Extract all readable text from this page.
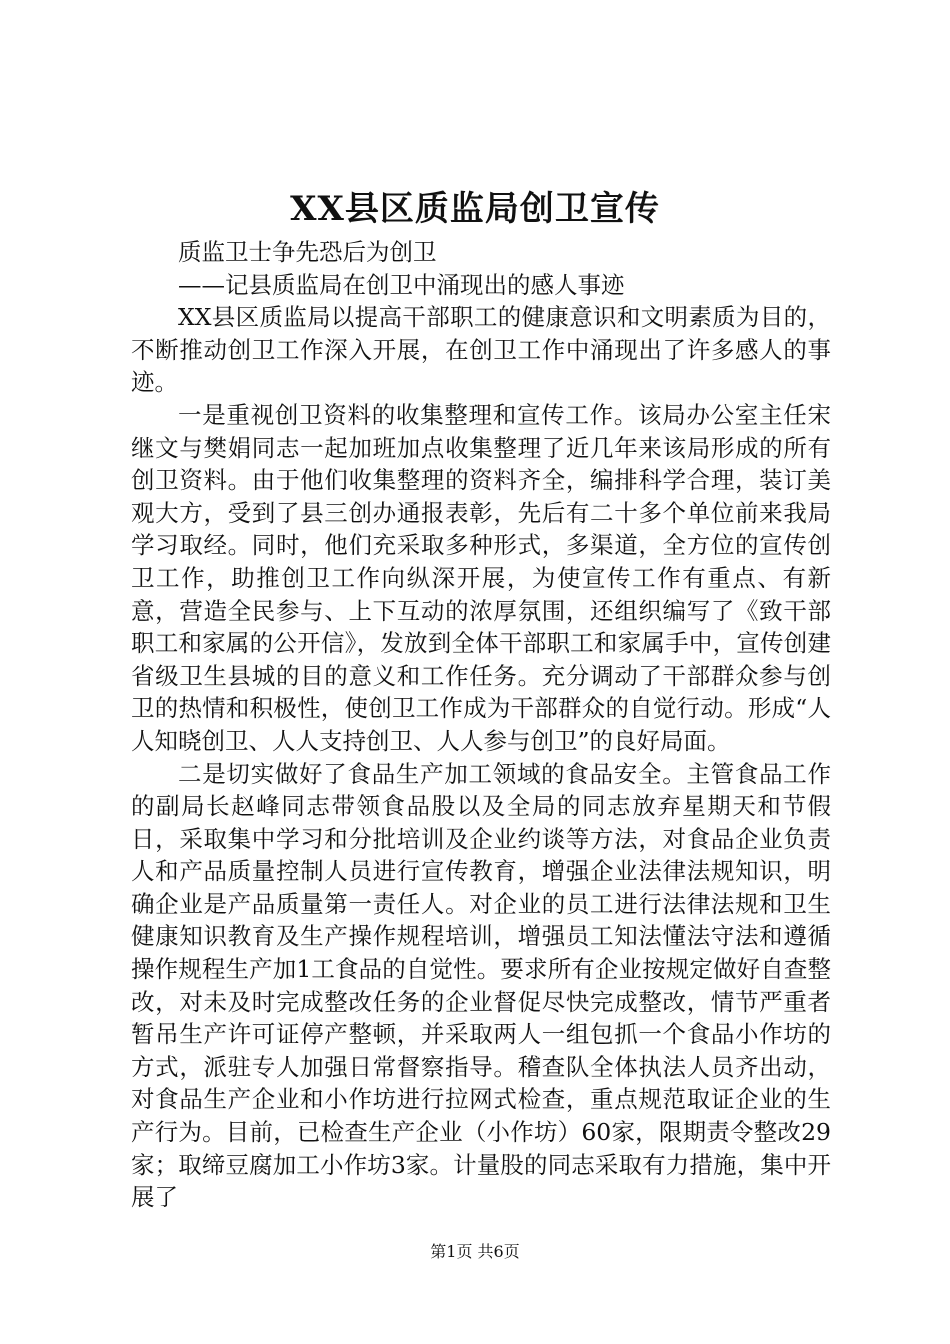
XX县区质监局创卫宣传

质监卫士争先恐后为创卫

——记县质监局在创卫中涌现出的感人事迹

XX县区质监局以提高干部职工的健康意识和文明素质为目的，不断推动创卫工作深入开展，在创卫工作中涌现出了许多感人的事迹。

一是重视创卫资料的收集整理和宣传工作。该局办公室主任宋继文与樊娟同志一起加班加点收集整理了近几年来该局形成的所有创卫资料。由于他们收集整理的资料齐全，编排科学合理，装订美观大方，受到了县三创办通报表彰，先后有二十多个单位前来我局学习取经。同时，他们充采取多种形式，多渠道，全方位的宣传创卫工作，助推创卫工作向纵深开展，为使宣传工作有重点、有新意，营造全民参与、上下互动的浓厚氛围，还组织编写了《致干部职工和家属的公开信》，发放到全体干部职工和家属手中，宣传创建省级卫生县城的目的意义和工作任务。充分调动了干部群众参与创卫的热情和积极性，使创卫工作成为干部群众的自觉行动。形成“人人知晓创卫、人人支持创卫、人人参与创卫”的良好局面。

二是切实做好了食品生产加工领域的食品安全。主管食品工作的副局长赵峰同志带领食品股以及全局的同志放弃星期天和节假日，采取集中学习和分批培训及企业约谈等方法，对食品企业负责人和产品质量控制人员进行宣传教育，增强企业法律法规知识，明确企业是产品质量第一责任人。对企业的员工进行法律法规和卫生健康知识教育及生产操作规程培训，增强员工知法懂法守法和遵循操作规程生产加1工食品的自觉性。要求所有企业按规定做好自查整改，对未及时完成整改任务的企业督促尽快完成整改，情节严重者暂吊生产许可证停产整顿，并采取两人一组包抓一个食品小作坊的方式，派驻专人加强日常督察指导。稽查队全体执法人员齐出动，对食品生产企业和小作坊进行拉网式检查，重点规范取证企业的生产行为。目前，已检查生产企业（小作坊）60家，限期责令整改29家；取缔豆腐加工小作坊3家。计量股的同志采取有力措施，集中开展了

第1页 共6页
